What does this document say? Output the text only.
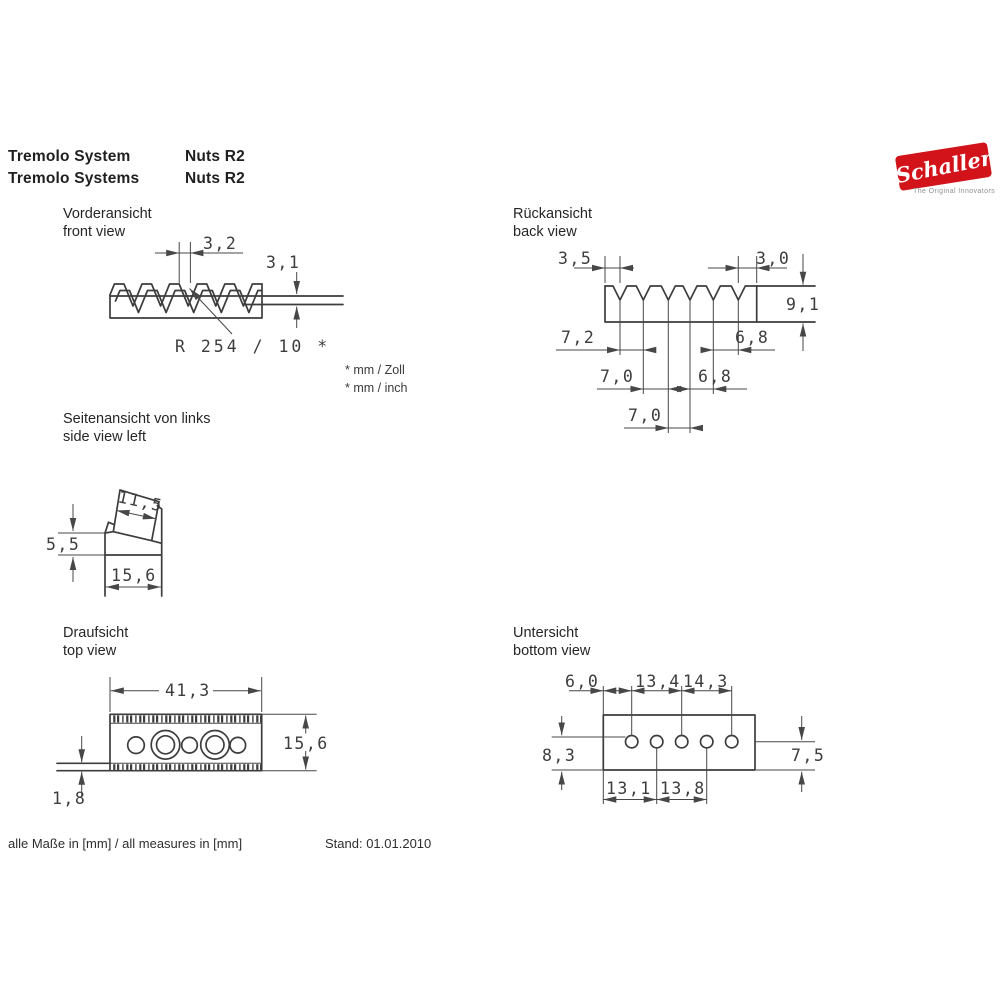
Tremolo System	Nuts R2
Tremolo Systems	Nuts R2	Schaller
The Original Innovators
Vorderansicht
front view
Rückansicht
back view
Seitenansicht von links
side view left
Draufsicht
top view
Untersicht
bottom view
* mm / Zoll
* mm / inch
alle Maße in [mm] / all measures in [mm]	Stand: 01.01.2010
3,2
3,1
R 254 / 10 *
3,5	3,0
9,1
7,2	6,8
7,0	6,8
7,0
5,5
11,5
15,6
41,3
15,6
1,8
6,0 13,4 14,3
8,3	7,5
13,1 13,8
